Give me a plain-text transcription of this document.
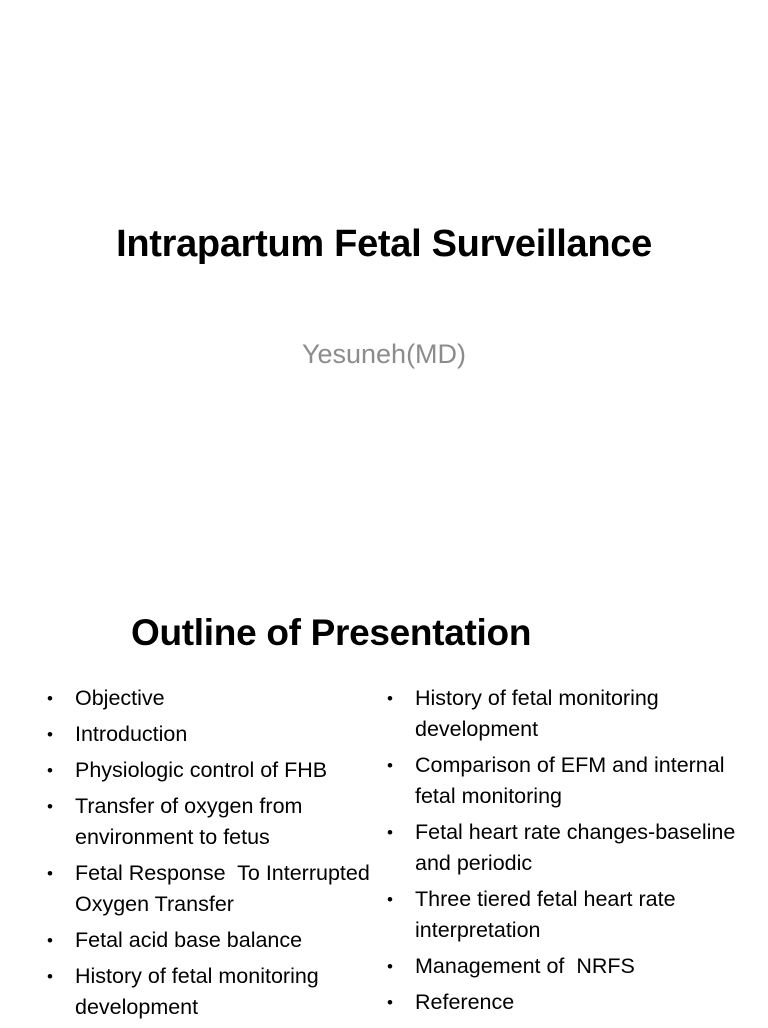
Intrapartum Fetal Surveillance
Yesuneh(MD)
Outline of Presentation
• Objective
• Introduction
• Physiologic control of FHB
• Transfer of oxygen from environment to fetus
• Fetal Response  To Interrupted Oxygen Transfer
• Fetal acid base balance
• History of fetal monitoring development
• History of fetal monitoring development
• Comparison of EFM and internal fetal monitoring
• Fetal heart rate changes-baseline and periodic
• Three tiered fetal heart rate interpretation
• Management of  NRFS
• Reference
